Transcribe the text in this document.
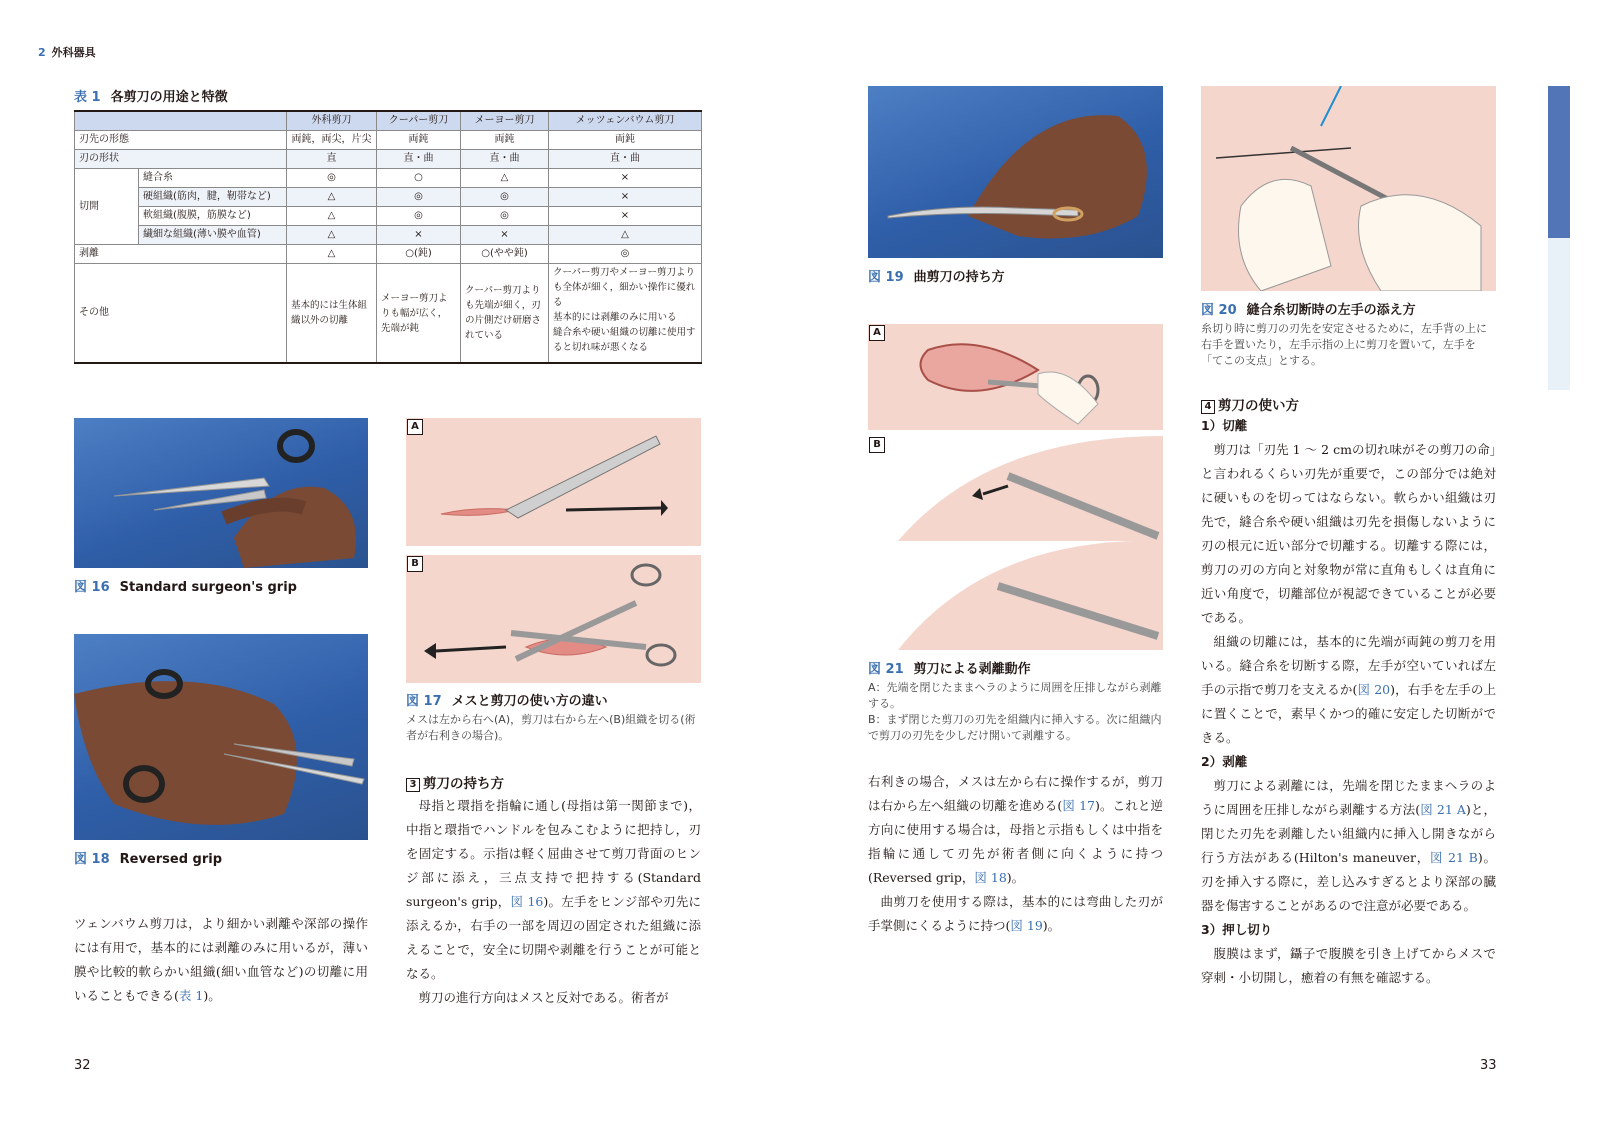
2 外科器具
表 1 各剪刀の用途と特徴
		外科剪刀	クーパー剪刀	メーヨー剪刀	メッツェンバウム剪刀
刃先の形態		両鈍，両尖，片尖	両鈍	両鈍	両鈍
刃の形状		直	直・曲	直・曲	直・曲
切開	縫合糸	◎	○	△	×
	硬組織(筋肉，腱，靭帯など)	△	◎	◎	×
	軟組織(腹膜，筋膜など)	△	◎	◎	×
	繊細な組織(薄い膜や血管)	△	×	×	△
剥離		△	○(鈍)	○(やや鈍)	◎
その他		基本的には生体組織以外の切離	メーヨー剪刀よりも幅が広く，先端が鈍	クーパー剪刀よりも先端が細く，刃の片側だけ研磨されている	クーパー剪刀やメーヨー剪刀よりも全体が細く，細かい操作に優れる
基本的には剥離のみに用いる
縫合糸や硬い組織の切離に使用すると切れ味が悪くなる
図 16 Standard surgeon's grip
図 18 Reversed grip

ツェンバウム剪刀は，より細かい剥離や深部の操作には有用で，基本的には剥離のみに用いるが，薄い膜や比較的軟らかい組織(細い血管など)の切離に用いることもできる(表 1)。

A
B
図 17 メスと剪刀の使い方の違い
メスは左から右へ(A)，剪刀は右から左へ(B)組織を切る(術者が右利きの場合)。
3 剪刀の持ち方

母指と環指を指輪に通し(母指は第一関節まで)，中指と環指でハンドルを包みこむように把持し，刃を固定する。示指は軽く屈曲させて剪刀背面のヒンジ部に添え，三点支持で把持する(Standard surgeon's grip，図 16)。左手をヒンジ部や刃先に添えるか，右手の一部を周辺の固定された組織に添えることで，安全に切開や剥離を行うことが可能となる。

剪刀の進行方向はメスと反対である。術者が

図 19 曲剪刀の持ち方
A
B
図 21 剪刀による剥離動作
A：先端を閉じたままヘラのように周囲を圧排しながら剥離する。
B：まず閉じた剪刀の刃先を組織内に挿入する。次に組織内で剪刀の刃先を少しだけ開いて剥離する。

右利きの場合，メスは左から右に操作するが，剪刀は右から左へ組織の切離を進める(図 17)。これと逆方向に使用する場合は，母指と示指もしくは中指を指輪に通して刃先が術者側に向くように持つ(Reversed grip，図 18)。

曲剪刀を使用する際は，基本的には弯曲した刃が手掌側にくるように持つ(図 19)。

図 20 縫合糸切断時の左手の添え方
糸切り時に剪刀の刃先を安定させるために，左手背の上に右手を置いたり，左手示指の上に剪刀を置いて，左手を「てこの支点」とする。
4 剪刀の使い方

1）切離

剪刀は「刃先 1 ～ 2 cmの切れ味がその剪刀の命」と言われるくらい刃先が重要で，この部分では絶対に硬いものを切ってはならない。軟らかい組織は刃先で，縫合糸や硬い組織は刃先を損傷しないように刃の根元に近い部分で切離する。切離する際には，剪刀の刃の方向と対象物が常に直角もしくは直角に近い角度で，切離部位が視認できていることが必要である。

組織の切離には，基本的に先端が両鈍の剪刀を用いる。縫合糸を切断する際，左手が空いていれば左手の示指で剪刀を支えるか(図 20)，右手を左手の上に置くことで，素早くかつ的確に安定した切断ができる。

2）剥離

剪刀による剥離には，先端を閉じたままヘラのように周囲を圧排しながら剥離する方法(図 21 A)と，閉じた刃先を剥離したい組織内に挿入し開きながら行う方法がある(Hilton's maneuver，図 21 B)。刃を挿入する際に，差し込みすぎるとより深部の臓器を傷害することがあるので注意が必要である。

3）押し切り

腹膜はまず，鑷子で腹膜を引き上げてからメスで穿刺・小切開し，癒着の有無を確認する。

32	33
